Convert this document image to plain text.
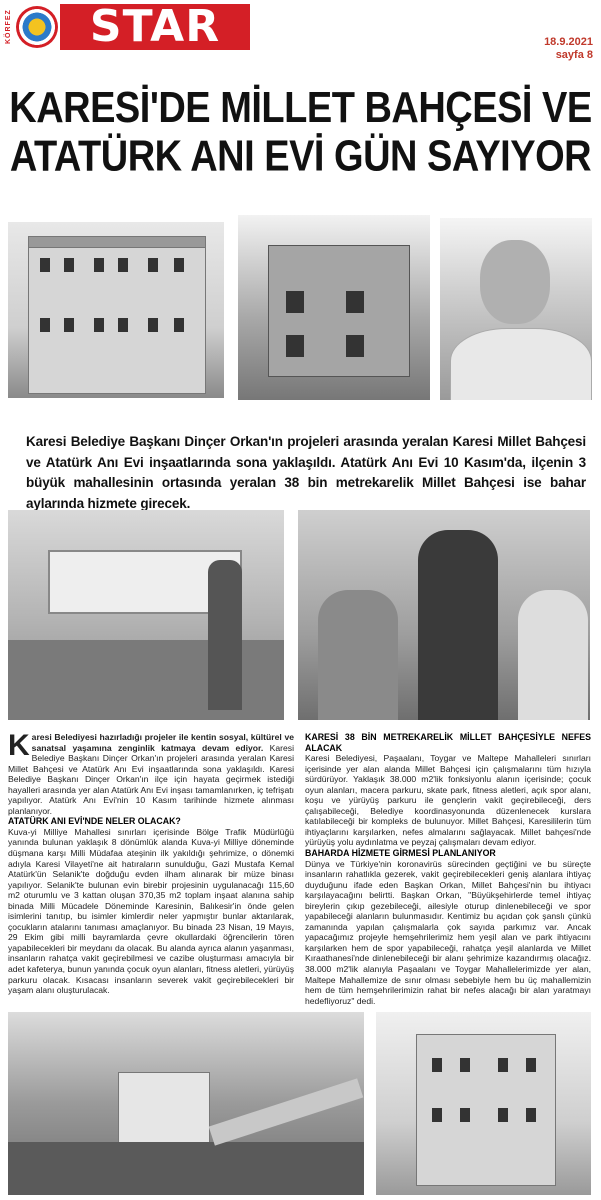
KÖRFEZ	STAR	18.9.2021
sayfa 8
KARESİ'DE MİLLET BAHÇESİ VE
ATATÜRK ANI EVİ GÜN SAYIYOR
Karesi Belediye Başkanı Dinçer Orkan'ın projeleri arasında yeralan Karesi Millet Bahçesi ve Atatürk Anı Evi inşaatlarında sona yaklaşıldı. Atatürk Anı Evi 10 Kasım'da, ilçenin 3 büyük mahallesinin ortasında yeralan 38 bin metrekarelik Millet Bahçesi ise bahar aylarında hizmete girecek.

Karesi Belediyesi hazırladığı projeler ile kentin sosyal, kültürel ve sanatsal yaşamına zenginlik katmaya devam ediyor. Karesi Belediye Başkanı Dinçer Orkan'ın projeleri arasında yeralan Karesi Millet Bahçesi ve Atatürk Anı Evi inşaatlarında sona yaklaşıldı. Karesi Belediye Başkanı Dinçer Orkan'ın ilçe için hayata geçirmek istediği hayalleri arasında yer alan Atatürk Anı Evi inşası tamamlanırken, iç tefrişatı yapılıyor. Atatürk Anı Evi'nin 10 Kasım tarihinde hizmete alınması planlanıyor.

ATATÜRK ANI EVİ'NDE NELER OLACAK?

Kuva-yi Milliye Mahallesi sınırları içerisinde Bölge Trafik Müdürlüğü yanında bulunan yaklaşık 8 dönümlük alanda Kuva-yi Milliye döneminde düşmana karşı Milli Müdafaa ateşinin ilk yakıldığı şehrimize, o dönemki adıyla Karesi Vilayeti'ne ait hatıraların sunulduğu, Gazi Mustafa Kemal Atatürk'ün Selanik'te doğduğu evden ilham alınarak bir müze binası yapılıyor. Selanik'te bulunan evin birebir projesinin uygulanacağı 115,60 m2 oturumlu ve 3 kattan oluşan 370,35 m2 toplam inşaat alanına sahip binada Milli Mücadele Döneminde Karesinin, Balıkesir'in önde gelen isimlerini tanıtıp, bu isimler kimlerdir neler yapmıştır bunlar aktarılarak, çocukların atalarını tanıması amaçlanıyor. Bu binada 23 Nisan, 19 Mayıs, 29 Ekim gibi milli bayramlarda çevre okullardaki öğrencilerin tören yapabilecekleri bir meydanı da olacak. Bu alanda ayrıca alanın yaşanması, insanların rahatça vakit geçirebilmesi ve cazibe oluşturması amacıyla bir adet kafeterya, bunun yanında çocuk oyun alanları, fitness aletleri, yürüyüş parkuru olacak. Kısacası insanların severek vakit geçirebilecekleri bir yaşam alanı oluşturulacak.

KARESİ 38 BİN METREKARELİK MİLLET BAHÇESİYLE NEFES ALACAK

Karesi Belediyesi, Paşaalanı, Toygar ve Maltepe Mahalleleri sınırları içerisinde yer alan alanda Millet Bahçesi için çalışmalarını tüm hızıyla sürdürüyor. Yaklaşık 38.000 m2'lik fonksiyonlu alanın içerisinde; çocuk oyun alanları, macera parkuru, skate park, fitness aletleri, açık spor alanı, koşu ve yürüyüş parkuru ile gençlerin vakit geçirebileceği, ders çalışabileceği, Belediye koordinasyonunda düzenlenecek kurslara katılabileceği bir kompleks de bulunuyor. Millet Bahçesi, Karesililerin tüm ihtiyaçlarını karşılarken, nefes almalarını sağlayacak. Millet bahçesi'nde yürüyüş yolu aydınlatma ve peyzaj çalışmaları devam ediyor.

BAHARDA HİZMETE GİRMESİ PLANLANIYOR

Dünya ve Türkiye'nin koronavirüs sürecinden geçtiğini ve bu süreçte insanların rahatlıkla gezerek, vakit geçirebilecekleri geniş alanlara ihtiyaç duyduğunu ifade eden Başkan Orkan, Millet Bahçesi'nin bu ihtiyacı karşılayacağını belirtti. Başkan Orkan, "Büyükşehirlerde temel ihtiyaç bireylerin çıkıp gezebileceği, ailesiyle oturup dinlenebileceği ve spor yapabileceği alanların bulunmasıdır. Kentimiz bu açıdan çok şanslı çünkü zamanında yapılan çalışmalarla çok sayıda parkımız var. Ancak yapacağımız projeyle hemşehrilerimiz hem yeşil alan ve park ihtiyacını karşılarken hem de spor yapabileceği, rahatça yeşil alanlarda ve Millet Kıraathanesi'nde dinlenebileceği bir alanı şehrimize kazandırmış olacağız. 38.000 m2'lik alanıyla Paşaalanı ve Toygar Mahallelerimizde yer alan, Maltepe Mahallemize de sınır olması sebebiyle hem bu üç mahallemizin hem de tüm hemşehrilerimizin rahat bir nefes alacağı bir alan yaratmayı hedefliyoruz" dedi.
